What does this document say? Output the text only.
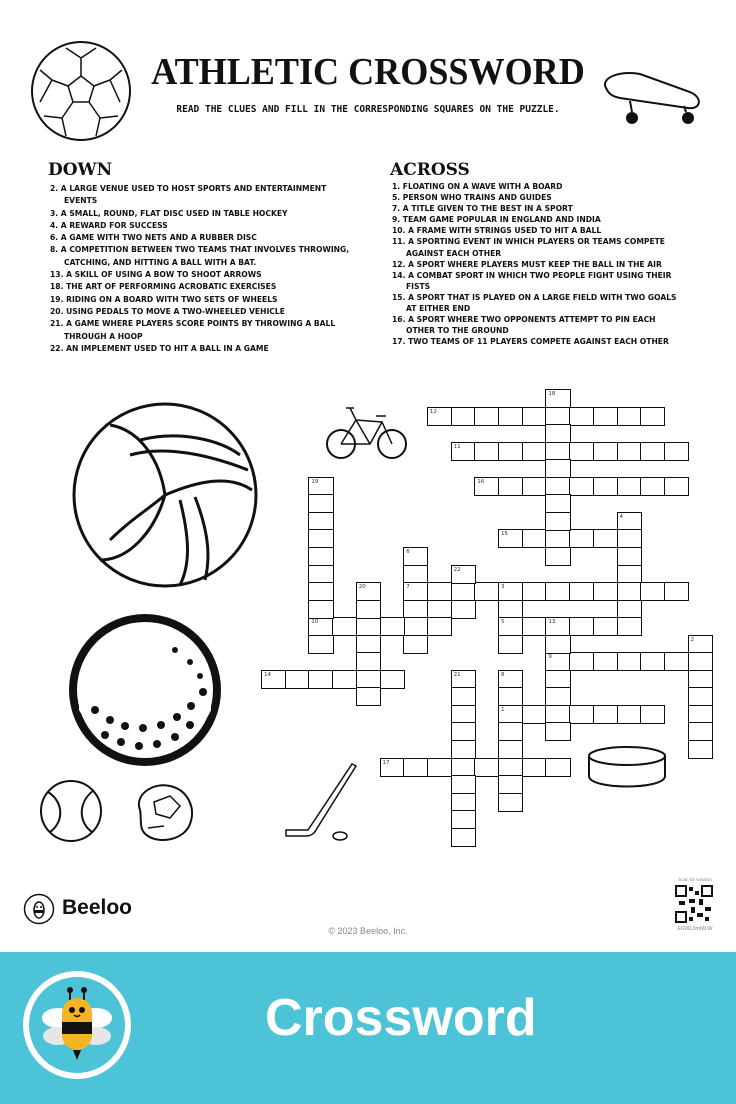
ATHLETIC CROSSWORD
READ THE CLUES AND FILL IN THE CORRESPONDING SQUARES ON THE PUZZLE.
DOWN
2. A LARGE VENUE USED TO HOST SPORTS AND ENTERTAINMENT EVENTS
3. A SMALL, ROUND, FLAT DISC USED IN TABLE HOCKEY
4. A REWARD FOR SUCCESS
6. A GAME WITH TWO NETS AND A RUBBER DISC
8. A COMPETITION BETWEEN TWO TEAMS THAT INVOLVES THROWING, CATCHING, AND HITTING A BALL WITH A BAT.
13. A SKILL OF USING A BOW TO SHOOT ARROWS
18. THE ART OF PERFORMING ACROBATIC EXERCISES
19. RIDING ON A BOARD WITH TWO SETS OF WHEELS
20. USING PEDALS TO MOVE A TWO-WHEELED VEHICLE
21. A GAME WHERE PLAYERS SCORE POINTS BY THROWING A BALL THROUGH A HOOP
22. AN IMPLEMENT USED TO HIT A BALL IN A GAME
ACROSS
1. FLOATING ON A WAVE WITH A BOARD
5. PERSON WHO TRAINS AND GUIDES
7. A TITLE GIVEN TO THE BEST IN A SPORT
9. TEAM GAME POPULAR IN ENGLAND AND INDIA
10. A FRAME WITH STRINGS USED TO HIT A BALL
11. A SPORTING EVENT IN WHICH PLAYERS OR TEAMS COMPETE AGAINST EACH OTHER
12. A SPORT WHERE PLAYERS MUST KEEP THE BALL IN THE AIR
14. A COMBAT SPORT IN WHICH TWO PEOPLE FIGHT USING THEIR FISTS
15. A SPORT THAT IS PLAYED ON A LARGE FIELD WITH TWO GOALS AT EITHER END
16. A SPORT WHERE TWO OPPONENTS ATTEMPT TO PIN EACH OTHER TO THE GROUND
17. TWO TEAMS OF 11 PLAYERS COMPETE AGAINST EACH OTHER
1
2
3
5
4
13
6
7
8
9
10
11
12
14
15
16
17
18
19
20
21
22
Beeloo
© 2023 Beeloo, Inc.
Scan for solution
E6WL3mMLW
Crossword
